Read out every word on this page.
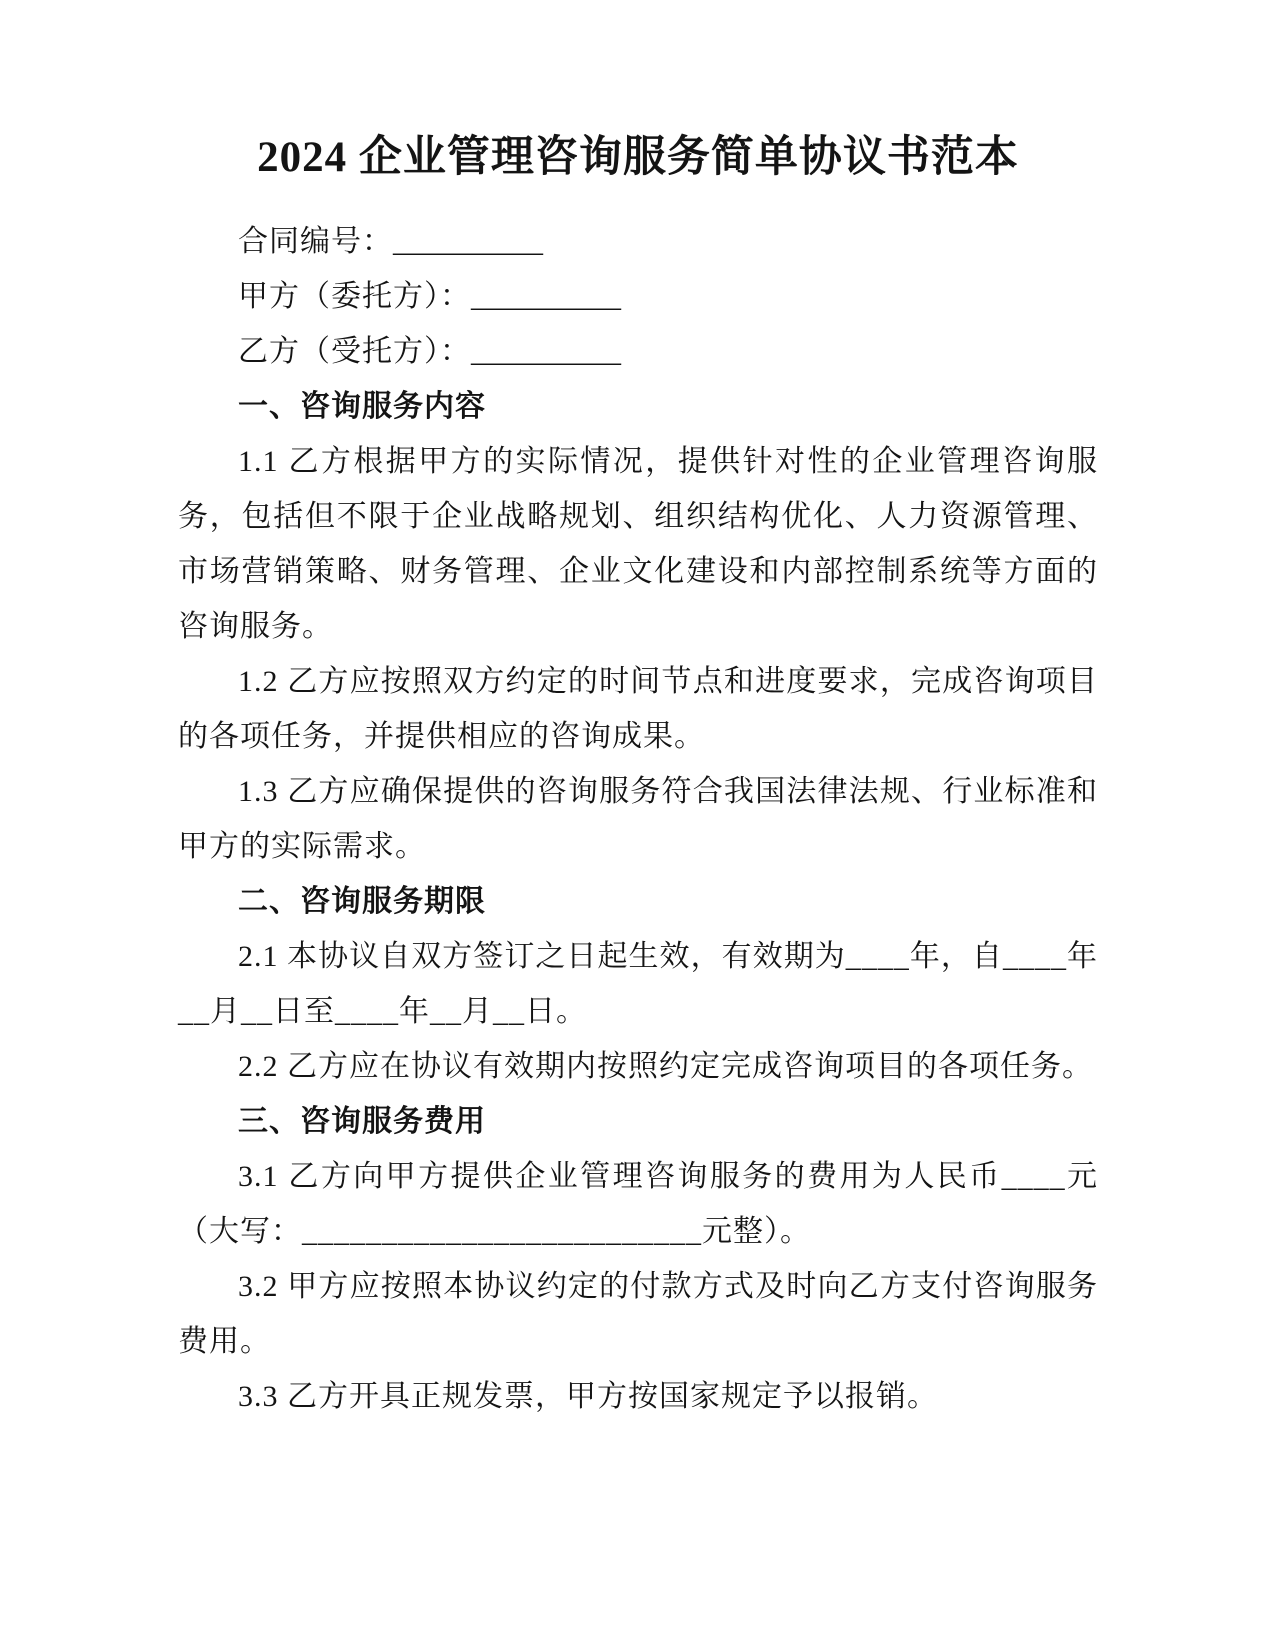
2024 企业管理咨询服务简单协议书范本

合同编号：__________

甲方（委托方）：__________

乙方（受托方）：__________

一、咨询服务内容

1.1 乙方根据甲方的实际情况，提供针对性的企业管理咨询服务，包括但不限于企业战略规划、组织结构优化、人力资源管理、市场营销策略、财务管理、企业文化建设和内部控制系统等方面的咨询服务。

1.2 乙方应按照双方约定的时间节点和进度要求，完成咨询项目的各项任务，并提供相应的咨询成果。

1.3 乙方应确保提供的咨询服务符合我国法律法规、行业标准和甲方的实际需求。

二、咨询服务期限

2.1 本协议自双方签订之日起生效，有效期为____年，自____年__月__日至____年__月__日。

2.2 乙方应在协议有效期内按照约定完成咨询项目的各项任务。

三、咨询服务费用

3.1 乙方向甲方提供企业管理咨询服务的费用为人民币____元（大写：_________________________元整）。

3.2 甲方应按照本协议约定的付款方式及时向乙方支付咨询服务费用。

3.3 乙方开具正规发票，甲方按国家规定予以报销。
